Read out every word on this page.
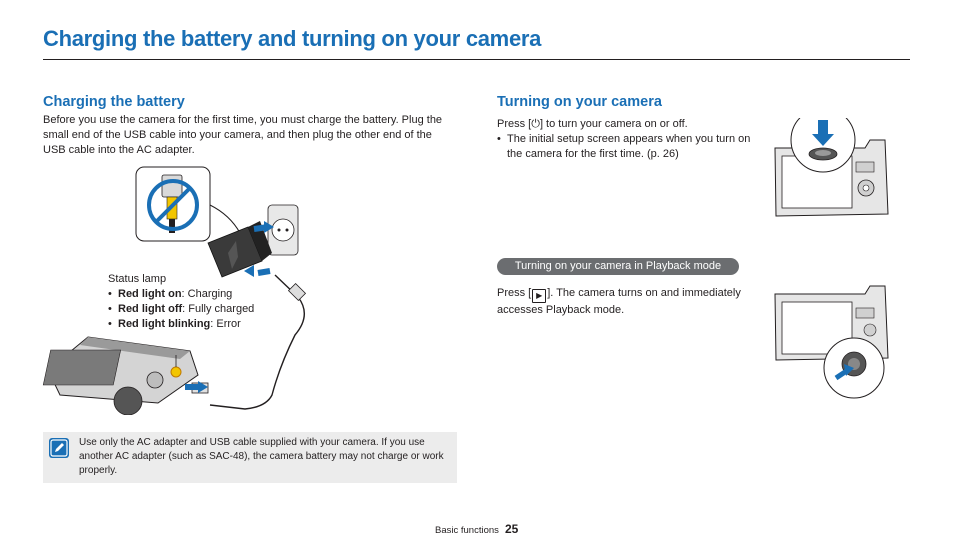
Charging the battery and turning on your camera
Charging the battery
Before you use the camera for the first time, you must charge the battery. Plug the small end of the USB cable into your camera, and then plug the other end of the USB cable into the AC adapter.
Status lamp
• Red light on: Charging
• Red light off: Fully charged
• Red light blinking: Error
Use only the AC adapter and USB cable supplied with your camera. If you use another AC adapter (such as SAC-48), the camera battery may not charge or work properly.
Turning on your camera
Press [⏻] to turn your camera on or off.
• The initial setup screen appears when you turn on the camera for the first time. (p. 26)
Turning on your camera in Playback mode
Press [ ▶ ]. The camera turns on and immediately accesses Playback mode.
Basic functions 25
